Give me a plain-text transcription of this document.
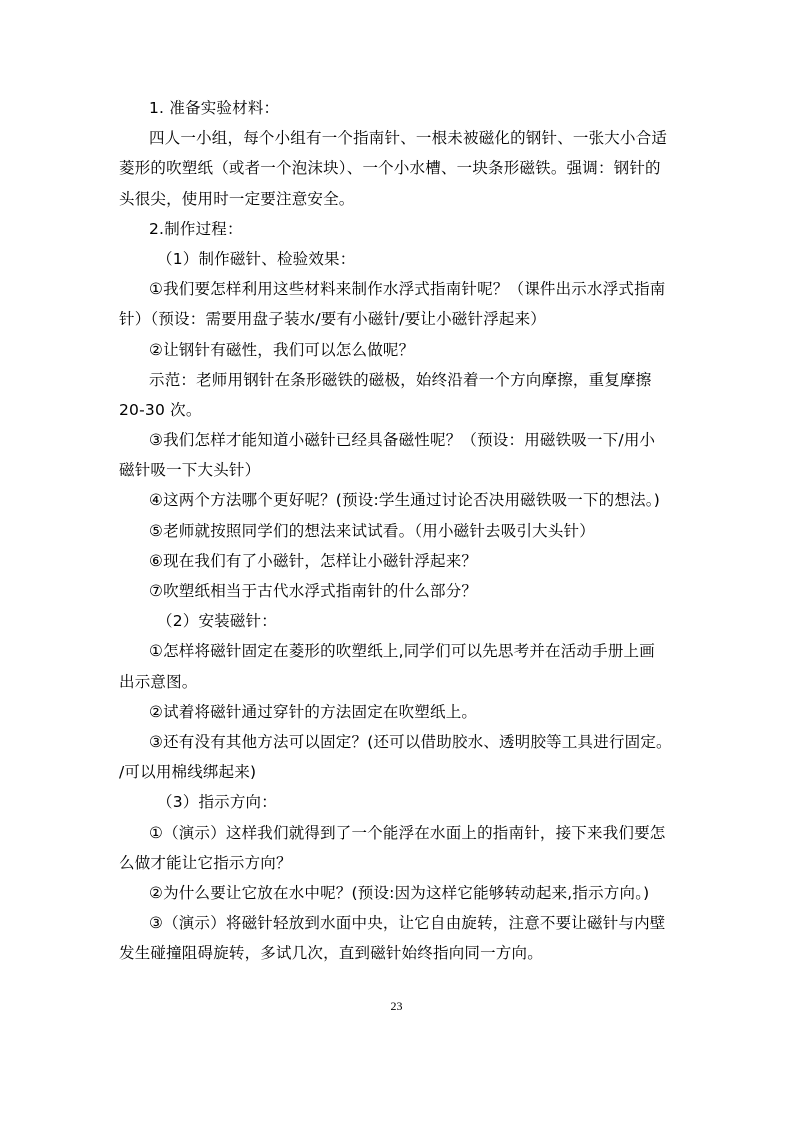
1. 准备实验材料：
四人一小组，每个小组有一个指南针、一根未被磁化的钢针、一张大小合适
菱形的吹塑纸（或者一个泡沫块）、一个小水槽、一块条形磁铁。强调：钢针的
头很尖，使用时一定要注意安全。
2.制作过程：
（1）制作磁针、检验效果：
①我们要怎样利用这些材料来制作水浮式指南针呢？（课件出示水浮式指南
针）（预设：需要用盘子装水/要有小磁针/要让小磁针浮起来）
②让钢针有磁性，我们可以怎么做呢？
示范：老师用钢针在条形磁铁的磁极，始终沿着一个方向摩擦，重复摩擦
20-30 次。
③我们怎样才能知道小磁针已经具备磁性呢？（预设：用磁铁吸一下/用小
磁针吸一下大头针）
④这两个方法哪个更好呢？(预设:学生通过讨论否决用磁铁吸一下的想法。)
⑤老师就按照同学们的想法来试试看。（用小磁针去吸引大头针）
⑥现在我们有了小磁针，怎样让小磁针浮起来？
⑦吹塑纸相当于古代水浮式指南针的什么部分？
（2）安装磁针：
①怎样将磁针固定在菱形的吹塑纸上,同学们可以先思考并在活动手册上画
出示意图。
②试着将磁针通过穿针的方法固定在吹塑纸上。
③还有没有其他方法可以固定？(还可以借助胶水、透明胶等工具进行固定。
/可以用棉线绑起来)
（3）指示方向：
①（演示）这样我们就得到了一个能浮在水面上的指南针，接下来我们要怎
么做才能让它指示方向？
②为什么要让它放在水中呢？(预设:因为这样它能够转动起来,指示方向。)
③（演示）将磁针轻放到水面中央，让它自由旋转，注意不要让磁针与内壁
发生碰撞阻碍旋转，多试几次，直到磁针始终指向同一方向。
23
